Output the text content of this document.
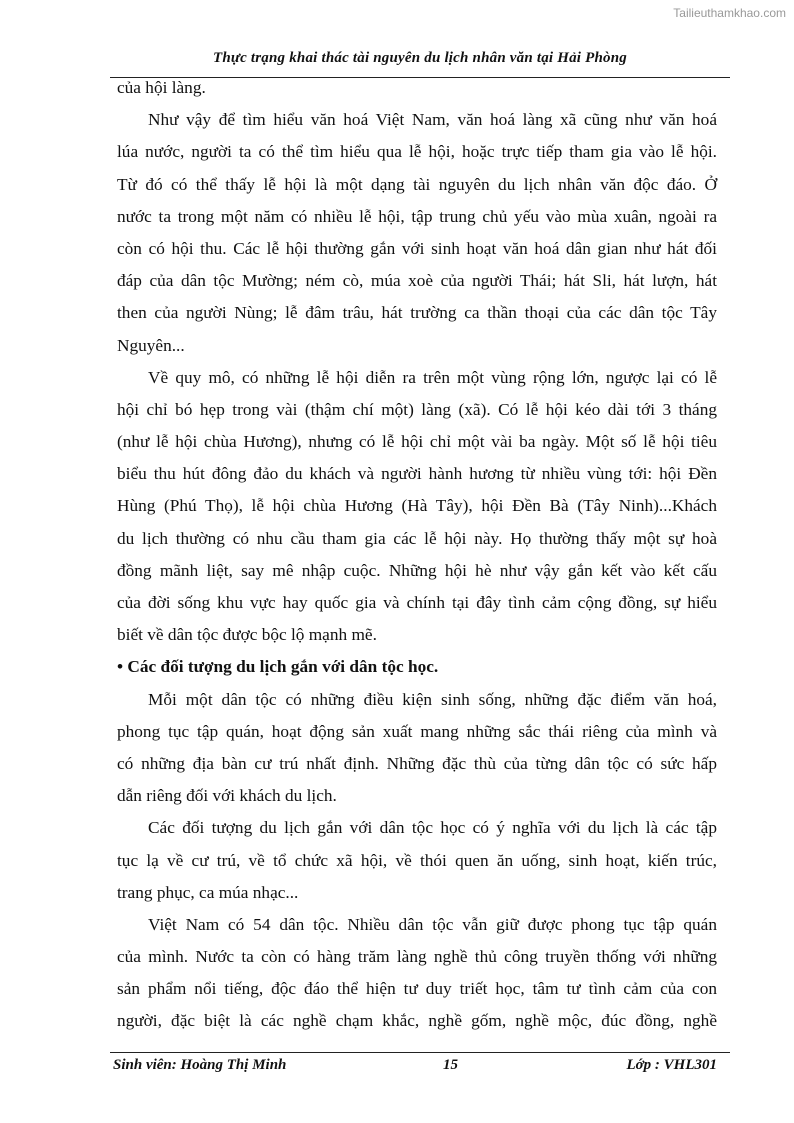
Tailieuthamkhao.com
Thực trạng khai thác tài nguyên du lịch nhân văn tại Hải Phòng
của hội làng.
Như vậy để tìm hiểu văn hoá Việt Nam, văn hoá làng xã cũng như văn hoá
lúa nước, người ta có thể tìm hiểu qua lễ hội, hoặc trực tiếp tham gia vào lễ hội.
Từ đó có thể thấy lễ hội là một dạng tài nguyên du lịch nhân văn độc đáo. Ở
nước ta trong một năm có nhiều lễ hội, tập trung chủ yếu vào mùa xuân, ngoài ra
còn có hội thu. Các lễ hội thường gắn với sinh hoạt văn hoá dân gian như hát đối
đáp của dân tộc Mường; ném cò, múa xoè của người Thái; hát Sli, hát lượn, hát
then của người Nùng; lễ đâm trâu, hát trường ca thần thoại của các dân tộc Tây
Nguyên...
Về quy mô, có những lễ hội diễn ra trên một vùng rộng lớn, ngược lại có lễ
hội chỉ bó hẹp trong vài (thậm chí một) làng (xã). Có lễ hội kéo dài tới 3 tháng
(như lễ hội chùa Hương), nhưng có lễ hội chỉ một vài ba ngày. Một số lễ hội tiêu
biểu thu hút đông đảo du khách và người hành hương từ nhiều vùng tới: hội Đền
Hùng (Phú Thọ), lễ hội chùa Hương (Hà Tây), hội Đền Bà (Tây Ninh)...Khách
du lịch thường có nhu cầu tham gia các lễ hội này. Họ thường thấy một sự hoà
đồng mãnh liệt, say mê nhập cuộc. Những hội hè như vậy gắn kết vào kết cấu
của đời sống khu vực hay quốc gia và chính tại đây tình cảm cộng đồng, sự hiểu
biết về dân tộc được bộc lộ mạnh mẽ.
• Các đối tượng du lịch gắn với dân tộc học.
Mỗi một dân tộc có những điều kiện sinh sống, những đặc điểm văn hoá,
phong tục tập quán, hoạt động sản xuất mang những sắc thái riêng của mình và
có những địa bàn cư trú nhất định. Những đặc thù của từng dân tộc có sức hấp
dẫn riêng đối với khách du lịch.
Các đối tượng du lịch gắn với dân tộc học có ý nghĩa với du lịch là các tập
tục lạ về cư trú, về tổ chức xã hội, về thói quen ăn uống, sinh hoạt, kiến trúc,
trang phục, ca múa nhạc...
Việt Nam có 54 dân tộc. Nhiều dân tộc vẫn giữ được phong tục tập quán
của mình. Nước ta còn có hàng trăm làng nghề thủ công truyền thống với những
sản phẩm nổi tiếng, độc đáo thể hiện tư duy triết học, tâm tư tình cảm của con
người, đặc biệt là các nghề chạm khắc, nghề gốm, nghề mộc, đúc đồng, nghề
Sinh viên: Hoàng Thị Minh	15	Lớp : VHL301
